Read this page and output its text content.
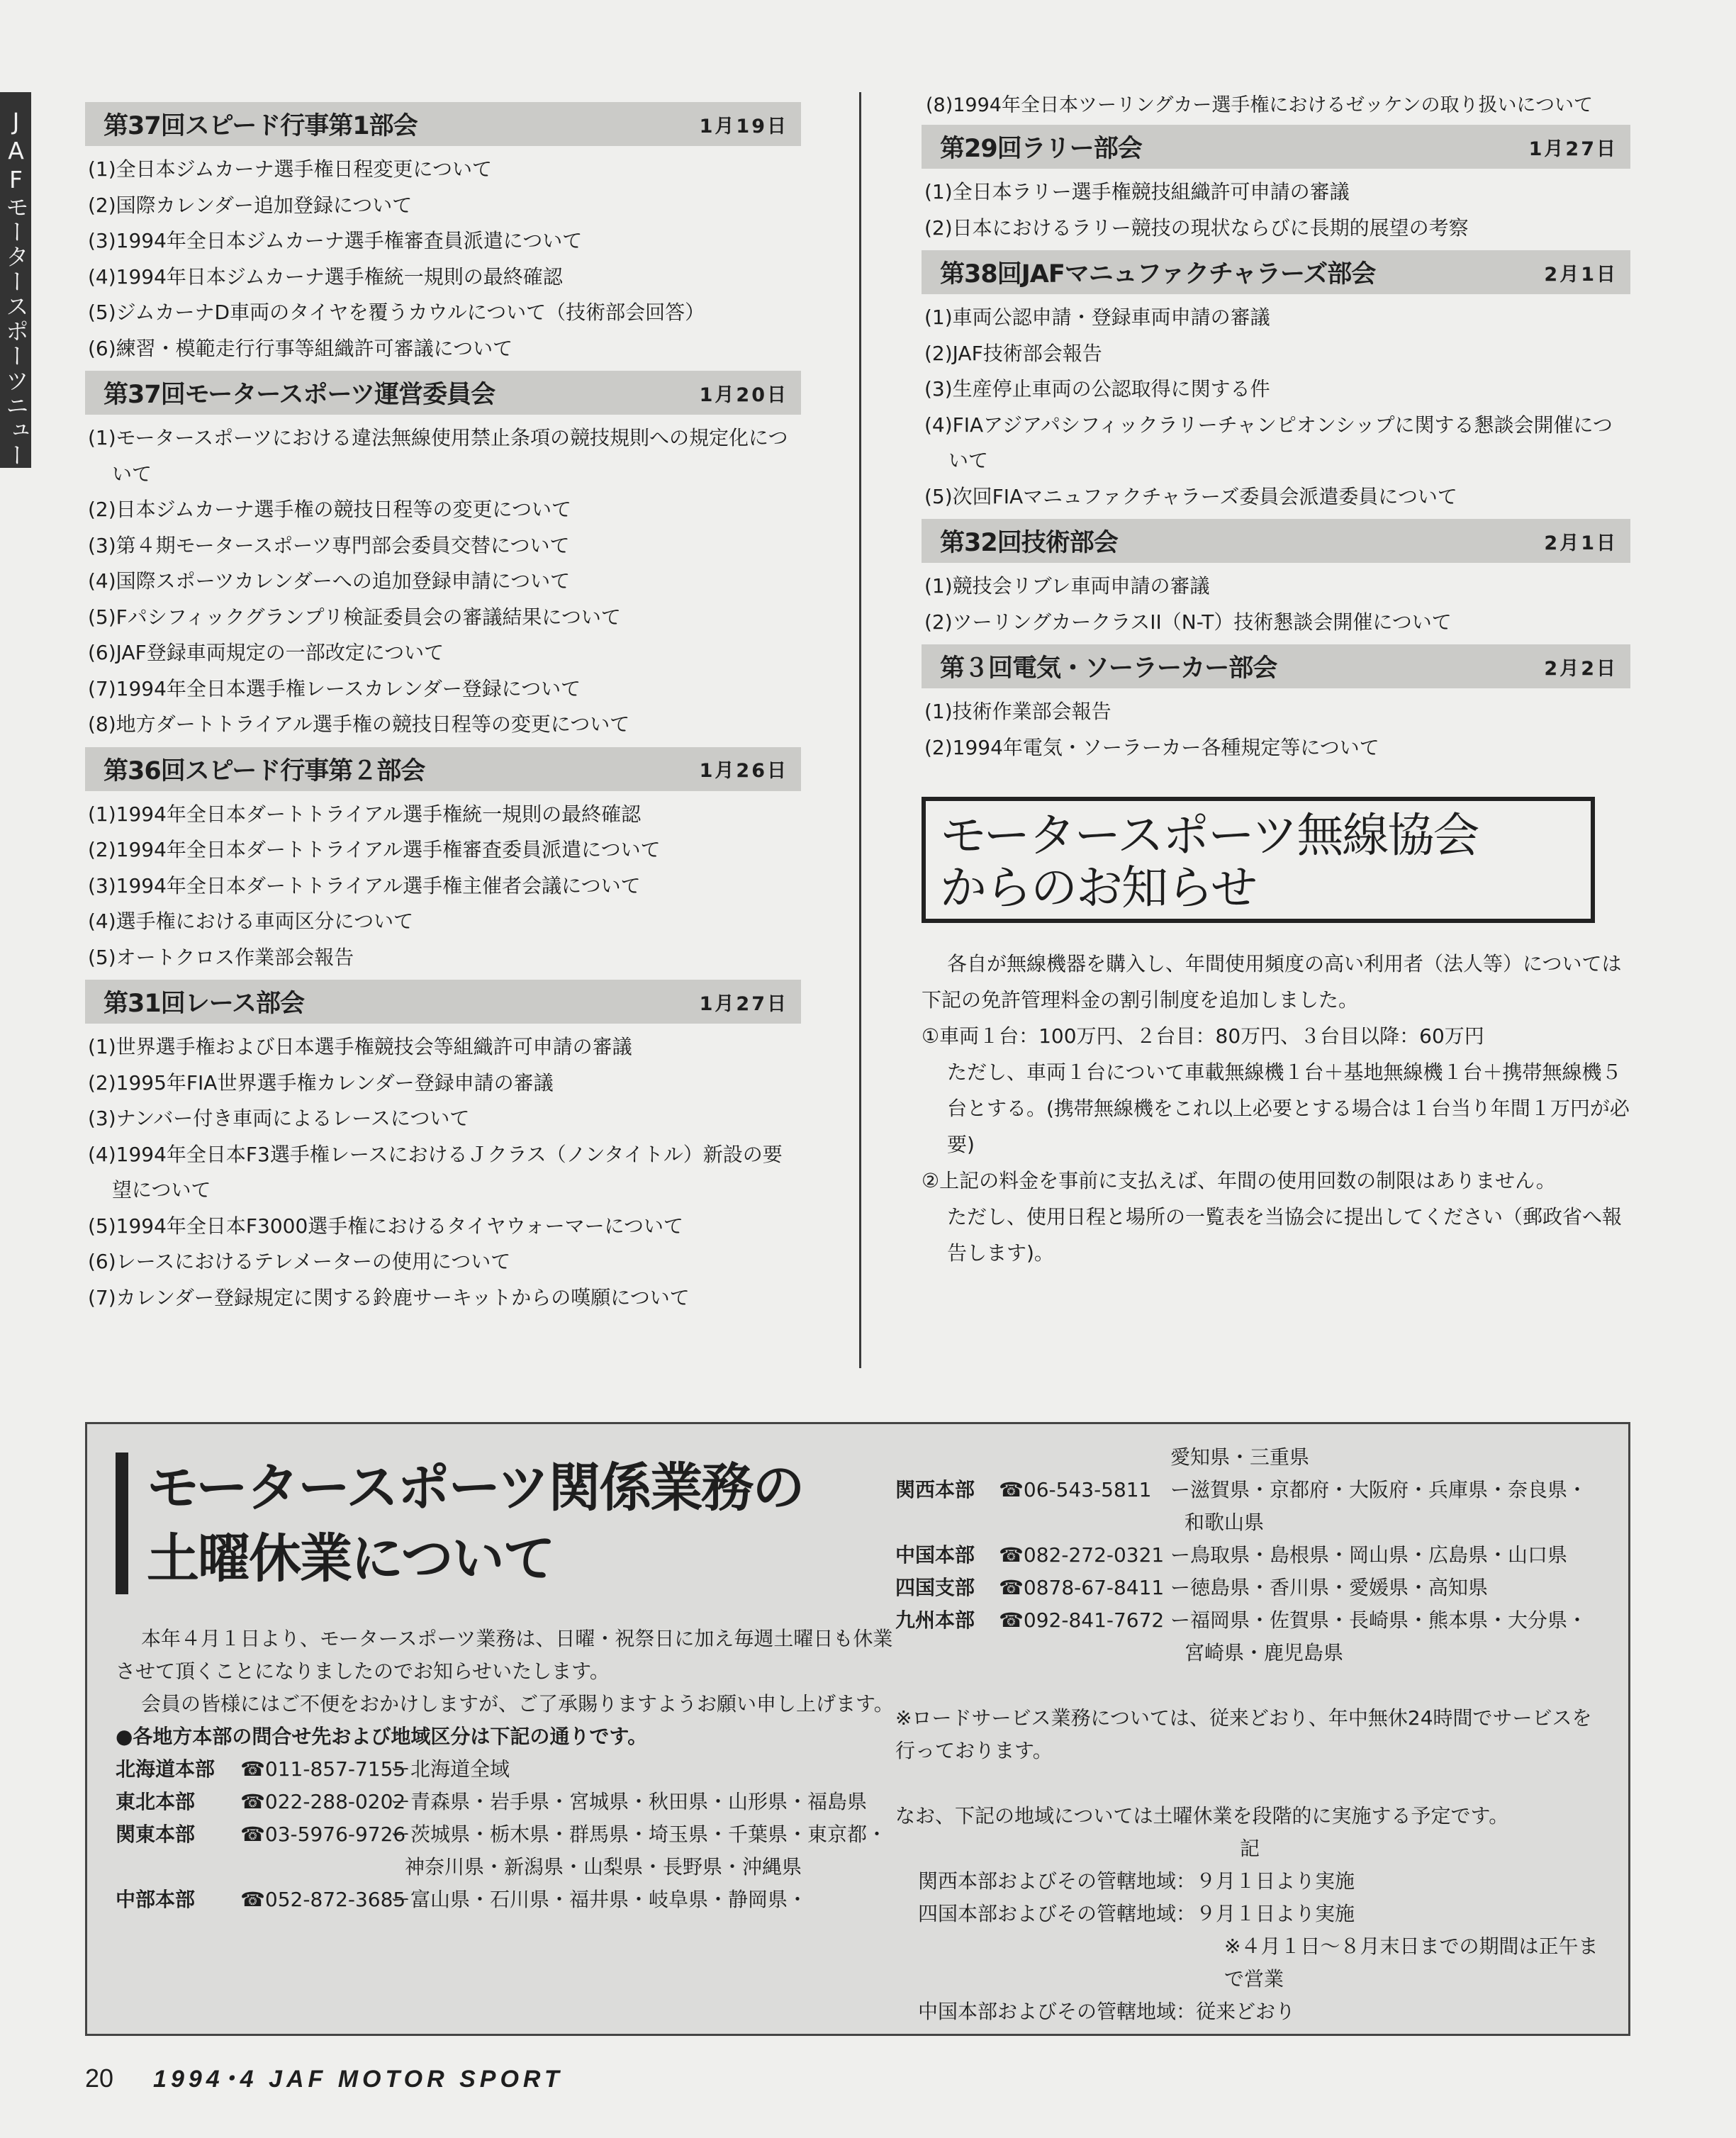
JAFモータースポーツニュー
第37回スピード行事第1部会	1月19日
(1)全日本ジムカーナ選手権日程変更について
(2)国際カレンダー追加登録について
(3)1994年全日本ジムカーナ選手権審査員派遣について
(4)1994年日本ジムカーナ選手権統一規則の最終確認
(5)ジムカーナD車両のタイヤを覆うカウルについて（技術部会回答）
(6)練習・模範走行行事等組織許可審議について
第37回モータースポーツ運営委員会	1月20日
(1)モータースポーツにおける違法無線使用禁止条項の競技規則への規定化について
(2)日本ジムカーナ選手権の競技日程等の変更について
(3)第４期モータースポーツ専門部会委員交替について
(4)国際スポーツカレンダーへの追加登録申請について
(5)Fパシフィックグランプリ検証委員会の審議結果について
(6)JAF登録車両規定の一部改定について
(7)1994年全日本選手権レースカレンダー登録について
(8)地方ダートトライアル選手権の競技日程等の変更について
第36回スピード行事第２部会	1月26日
(1)1994年全日本ダートトライアル選手権統一規則の最終確認
(2)1994年全日本ダートトライアル選手権審査委員派遣について
(3)1994年全日本ダートトライアル選手権主催者会議について
(4)選手権における車両区分について
(5)オートクロス作業部会報告
第31回レース部会	1月27日
(1)世界選手権および日本選手権競技会等組織許可申請の審議
(2)1995年FIA世界選手権カレンダー登録申請の審議
(3)ナンバー付き車両によるレースについて
(4)1994年全日本F3選手権レースにおけるＪクラス（ノンタイトル）新設の要望について
(5)1994年全日本F3000選手権におけるタイヤウォーマーについて
(6)レースにおけるテレメーターの使用について
(7)カレンダー登録規定に関する鈴鹿サーキットからの嘆願について
(8)1994年全日本ツーリングカー選手権におけるゼッケンの取り扱いについて
第29回ラリー部会	1月27日
(1)全日本ラリー選手権競技組織許可申請の審議
(2)日本におけるラリー競技の現状ならびに長期的展望の考察
第38回JAFマニュファクチャラーズ部会	2月1日
(1)車両公認申請・登録車両申請の審議
(2)JAF技術部会報告
(3)生産停止車両の公認取得に関する件
(4)FIAアジアパシフィックラリーチャンピオンシップに関する懇談会開催について
(5)次回FIAマニュファクチャラーズ委員会派遣委員について
第32回技術部会	2月1日
(1)競技会リブレ車両申請の審議
(2)ツーリングカークラスII（N-T）技術懇談会開催について
第３回電気・ソーラーカー部会	2月2日
(1)技術作業部会報告
(2)1994年電気・ソーラーカー各種規定等について
モータースポーツ無線協会
からのお知らせ

各自が無線機器を購入し、年間使用頻度の高い利用者（法人等）については下記の免許管理料金の割引制度を追加しました。

①車両１台：100万円、２台目：80万円、３台目以降：60万円

ただし、車両１台について車載無線機１台＋基地無線機１台＋携帯無線機５台とする。(携帯無線機をこれ以上必要とする場合は１台当り年間１万円が必要)

②上記の料金を事前に支払えば、年間の使用回数の制限はありません。

ただし、使用日程と場所の一覧表を当協会に提出してください（郵政省へ報告します)。

モータースポーツ関係業務の
土曜休業について

本年４月１日より、モータースポーツ業務は、日曜・祝祭日に加え毎週土曜日も休業させて頂くことになりましたのでお知らせいたします。

会員の皆様にはご不便をおかけしますが、ご了承賜りますようお願い申し上げます。

●各地方本部の問合せ先および地域区分は下記の通りです。

北海道本部	☎011-857-7155
ー北海道全域
東北本部	☎022-288-0202
ー青森県・岩手県・宮城県・秋田県・山形県・福島県
関東本部	☎03-5976-9726
ー茨城県・栃木県・群馬県・埼玉県・千葉県・東京都・神奈川県・新潟県・山梨県・長野県・沖縄県
中部本部	☎052-872-3685
ー富山県・石川県・福井県・岐阜県・静岡県・
愛知県・三重県
関西本部	☎06-543-5811 ー滋賀県・京都府・大阪府・兵庫県・奈良県・和歌山県
中国本部	☎082-272-0321 ー鳥取県・島根県・岡山県・広島県・山口県
四国支部	☎0878-67-8411 ー徳島県・香川県・愛媛県・高知県
九州本部	☎092-841-7672 ー福岡県・佐賀県・長崎県・熊本県・大分県・宮崎県・鹿児島県

※ロードサービス業務については、従来どおり、年中無休24時間でサービスを行っております。

なお、下記の地域については土曜休業を段階的に実施する予定です。

記

関西本部およびその管轄地域：９月１日より実施

四国本部およびその管轄地域：９月１日より実施

※４月１日～８月末日までの期間は正午まで営業

中国本部およびその管轄地域：従来どおり

20 1994･4 JAF MOTOR SPORT
